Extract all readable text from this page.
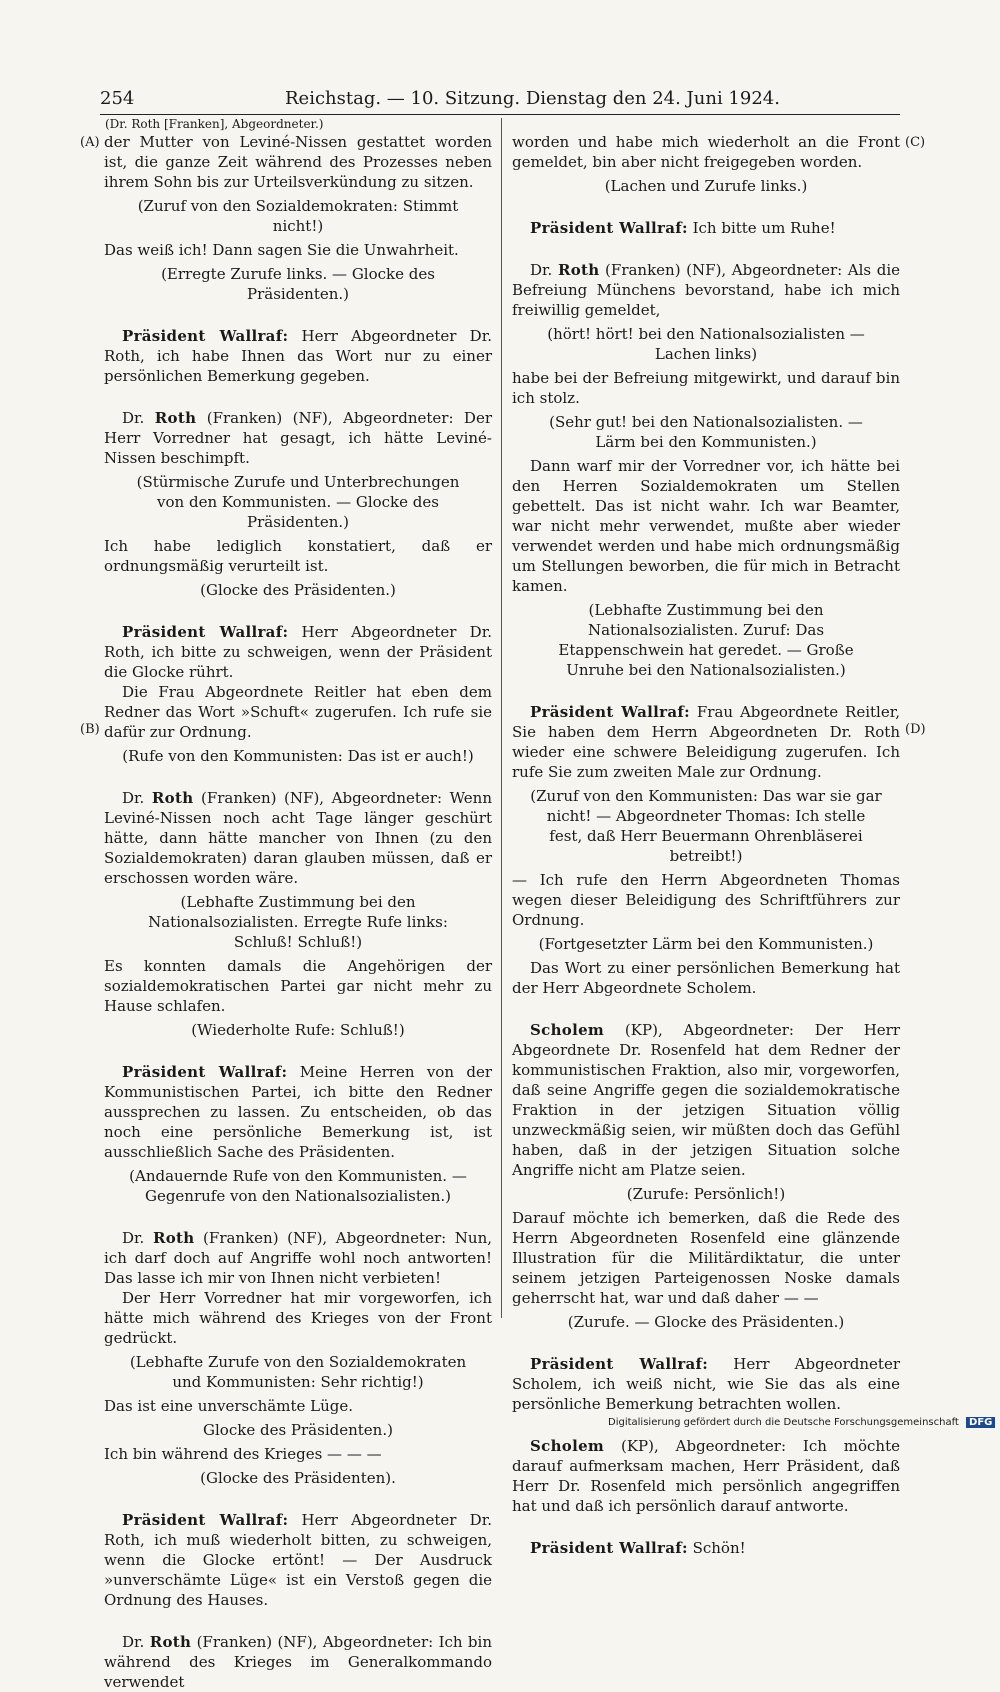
254	Reichstag. — 10. Sitzung. Dienstag den 24. Juni 1924.
(Dr. Roth [Franken], Abgeordneter.)
(A)
(B)
(C)
(D)

der Mutter von Leviné-Nissen gestattet worden ist, die ganze Zeit während des Prozesses neben ihrem Sohn bis zur Urteilsverkündung zu sitzen.

(Zuruf von den Sozialdemokraten: Stimmt nicht!)

Das weiß ich! Dann sagen Sie die Unwahrheit.

(Erregte Zurufe links. — Glocke des Präsidenten.)

Präsident Wallraf: Herr Abgeordneter Dr. Roth, ich habe Ihnen das Wort nur zu einer persönlichen Bemerkung gegeben.

Dr. Roth (Franken) (NF), Abgeordneter: Der Herr Vorredner hat gesagt, ich hätte Leviné-Nissen beschimpft.

(Stürmische Zurufe und Unterbrechungen von den Kommunisten. — Glocke des Präsidenten.)

Ich habe lediglich konstatiert, daß er ordnungsmäßig verurteilt ist.

(Glocke des Präsidenten.)

Präsident Wallraf: Herr Abgeordneter Dr. Roth, ich bitte zu schweigen, wenn der Präsident die Glocke rührt.

Die Frau Abgeordnete Reitler hat eben dem Redner das Wort »Schuft« zugerufen. Ich rufe sie dafür zur Ordnung.

(Rufe von den Kommunisten: Das ist er auch!)

Dr. Roth (Franken) (NF), Abgeordneter: Wenn Leviné-Nissen noch acht Tage länger geschürt hätte, dann hätte mancher von Ihnen (zu den Sozialdemokraten) daran glauben müssen, daß er erschossen worden wäre.

(Lebhafte Zustimmung bei den Nationalsozialisten. Erregte Rufe links: Schluß! Schluß!)

Es konnten damals die Angehörigen der sozialdemokratischen Partei gar nicht mehr zu Hause schlafen.

(Wiederholte Rufe: Schluß!)

Präsident Wallraf: Meine Herren von der Kommunistischen Partei, ich bitte den Redner aussprechen zu lassen. Zu entscheiden, ob das noch eine persönliche Bemerkung ist, ist ausschließlich Sache des Präsidenten.

(Andauernde Rufe von den Kommunisten. — Gegenrufe von den Nationalsozialisten.)

Dr. Roth (Franken) (NF), Abgeordneter: Nun, ich darf doch auf Angriffe wohl noch antworten! Das lasse ich mir von Ihnen nicht verbieten!

Der Herr Vorredner hat mir vorgeworfen, ich hätte mich während des Krieges von der Front gedrückt.

(Lebhafte Zurufe von den Sozialdemokraten und Kommunisten: Sehr richtig!)

Das ist eine unverschämte Lüge.

Glocke des Präsidenten.)

Ich bin während des Krieges — — —

(Glocke des Präsidenten).

Präsident Wallraf: Herr Abgeordneter Dr. Roth, ich muß wiederholt bitten, zu schweigen, wenn die Glocke ertönt! — Der Ausdruck »unverschämte Lüge« ist ein Verstoß gegen die Ordnung des Hauses.

Dr. Roth (Franken) (NF), Abgeordneter: Ich bin während des Krieges im Generalkommando verwendet

worden und habe mich wiederholt an die Front gemeldet, bin aber nicht freigegeben worden.

(Lachen und Zurufe links.)

Präsident Wallraf: Ich bitte um Ruhe!

Dr. Roth (Franken) (NF), Abgeordneter: Als die Befreiung Münchens bevorstand, habe ich mich freiwillig gemeldet,

(hört! hört! bei den Nationalsozialisten — Lachen links)

habe bei der Befreiung mitgewirkt, und darauf bin ich stolz.

(Sehr gut! bei den Nationalsozialisten. — Lärm bei den Kommunisten.)

Dann warf mir der Vorredner vor, ich hätte bei den Herren Sozialdemokraten um Stellen gebettelt. Das ist nicht wahr. Ich war Beamter, war nicht mehr verwendet, mußte aber wieder verwendet werden und habe mich ordnungsmäßig um Stellungen beworben, die für mich in Betracht kamen.

(Lebhafte Zustimmung bei den Nationalsozialisten. Zuruf: Das Etappenschwein hat geredet. — Große Unruhe bei den Nationalsozialisten.)

Präsident Wallraf: Frau Abgeordnete Reitler, Sie haben dem Herrn Abgeordneten Dr. Roth wieder eine schwere Beleidigung zugerufen. Ich rufe Sie zum zweiten Male zur Ordnung.

(Zuruf von den Kommunisten: Das war sie gar nicht! — Abgeordneter Thomas: Ich stelle fest, daß Herr Beuermann Ohrenbläserei betreibt!)

— Ich rufe den Herrn Abgeordneten Thomas wegen dieser Beleidigung des Schriftführers zur Ordnung.

(Fortgesetzter Lärm bei den Kommunisten.)

Das Wort zu einer persönlichen Bemerkung hat der Herr Abgeordnete Scholem.

Scholem (KP), Abgeordneter: Der Herr Abgeordnete Dr. Rosenfeld hat dem Redner der kommunistischen Fraktion, also mir, vorgeworfen, daß seine Angriffe gegen die sozialdemokratische Fraktion in der jetzigen Situation völlig unzweckmäßig seien, wir müßten doch das Gefühl haben, daß in der jetzigen Situation solche Angriffe nicht am Platze seien.

(Zurufe: Persönlich!)

Darauf möchte ich bemerken, daß die Rede des Herrn Abgeordneten Rosenfeld eine glänzende Illustration für die Militärdiktatur, die unter seinem jetzigen Parteigenossen Noske damals geherrscht hat, war und daß daher — —

(Zurufe. — Glocke des Präsidenten.)

Präsident Wallraf: Herr Abgeordneter Scholem, ich weiß nicht, wie Sie das als eine persönliche Bemerkung betrachten wollen.

Scholem (KP), Abgeordneter: Ich möchte darauf aufmerksam machen, Herr Präsident, daß Herr Dr. Rosenfeld mich persönlich angegriffen hat und daß ich persönlich darauf antworte.

Präsident Wallraf: Schön!

Digitalisierung gefördert durch die Deutsche Forschungsgemeinschaft DFG
